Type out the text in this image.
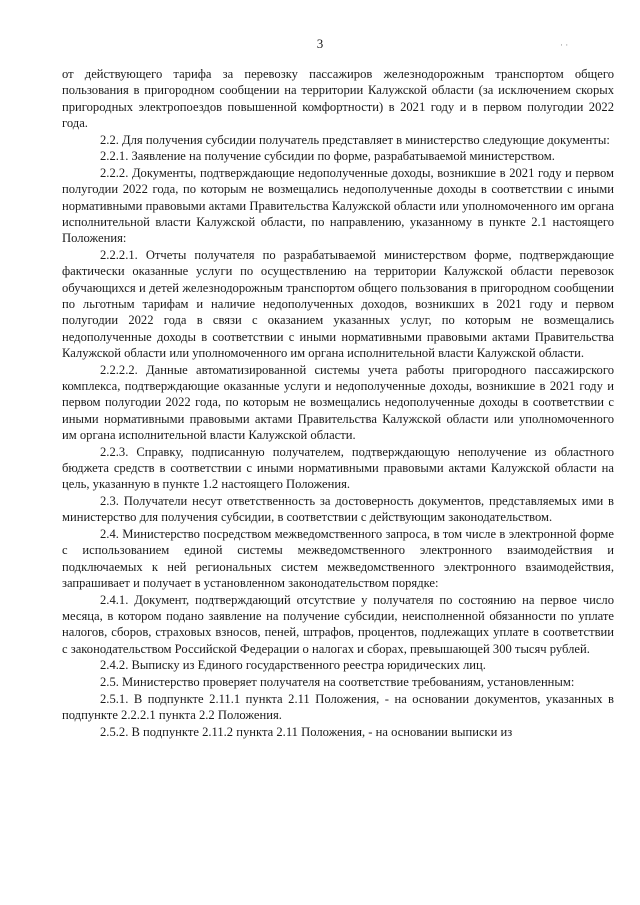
· ·
3

от действующего тарифа за перевозку пассажиров железнодорожным транспортом общего пользования в пригородном сообщении на территории Калужской области (за исключением скорых пригородных электропоездов повышенной комфортности) в 2021 году и в первом полугодии 2022 года.

2.2. Для получения субсидии получатель представляет в министерство следующие документы:

2.2.1. Заявление на получение субсидии по форме, разрабатываемой министерством.

2.2.2. Документы, подтверждающие недополученные доходы, возникшие в 2021 году и первом полугодии 2022 года, по которым не возмещались недополученные доходы в соответствии с иными нормативными правовыми актами Правительства Калужской области или уполномоченного им органа исполнительной власти Калужской области, по направлению, указанному в пункте 2.1 настоящего Положения:

2.2.2.1. Отчеты получателя по разрабатываемой министерством форме, подтверждающие фактически оказанные услуги по осуществлению на территории Калужской области перевозок обучающихся и детей железнодорожным транспортом общего пользования в пригородном сообщении по льготным тарифам и наличие недополученных доходов, возникших в 2021 году и первом полугодии 2022 года в связи с оказанием указанных услуг, по которым не возмещались недополученные доходы в соответствии с иными нормативными правовыми актами Правительства Калужской области или уполномоченного им органа исполнительной власти Калужской области.

2.2.2.2. Данные автоматизированной системы учета работы пригородного пассажирского комплекса, подтверждающие оказанные услуги и недополученные доходы, возникшие в 2021 году и первом полугодии 2022 года, по которым не возмещались недополученные доходы в соответствии с иными нормативными правовыми актами Правительства Калужской области или уполномоченного им органа исполнительной власти Калужской области.

2.2.3. Справку, подписанную получателем, подтверждающую неполучение из областного бюджета средств в соответствии с иными нормативными правовыми актами Калужской области на цель, указанную в пункте 1.2 настоящего Положения.

2.3. Получатели несут ответственность за достоверность документов, представляемых ими в министерство для получения субсидии, в соответствии с действующим законодательством.

2.4. Министерство посредством межведомственного запроса, в том числе в электронной форме с использованием единой системы межведомственного электронного взаимодействия и подключаемых к ней региональных систем межведомственного электронного взаимодействия, запрашивает и получает в установленном законодательством порядке:

2.4.1. Документ, подтверждающий отсутствие у получателя по состоянию на первое число месяца, в котором подано заявление на получение субсидии, неисполненной обязанности по уплате налогов, сборов, страховых взносов, пеней, штрафов, процентов, подлежащих уплате в соответствии с законодательством Российской Федерации о налогах и сборах, превышающей 300 тысяч рублей.

2.4.2. Выписку из Единого государственного реестра юридических лиц.

2.5. Министерство проверяет получателя на соответствие требованиям, установленным:

2.5.1. В подпункте 2.11.1 пункта 2.11 Положения, - на основании документов, указанных в подпункте 2.2.2.1 пункта 2.2 Положения.

2.5.2. В подпункте 2.11.2 пункта 2.11 Положения, - на основании выписки из
